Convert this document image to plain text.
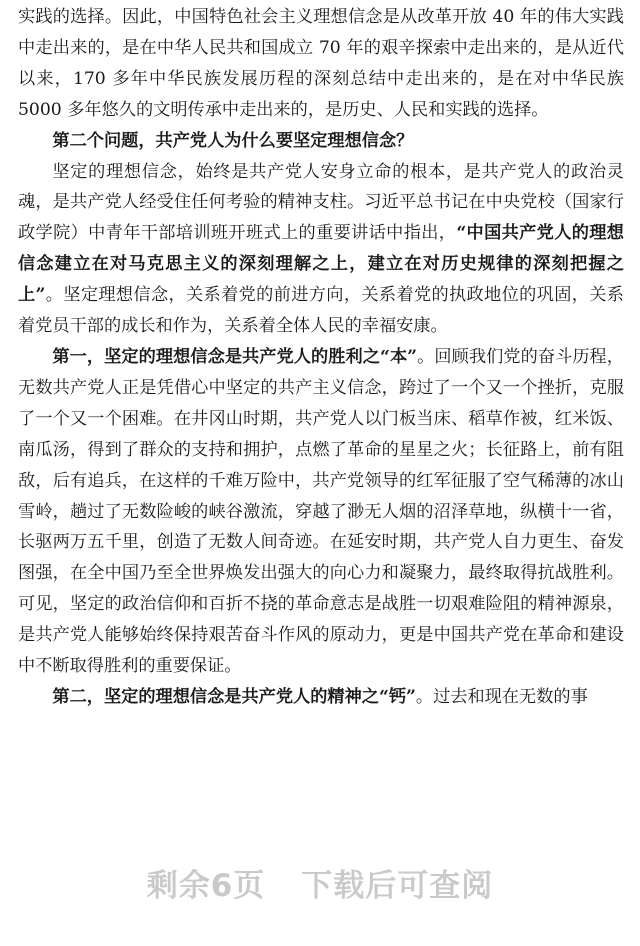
实践的选择。因此，中国特色社会主义理想信念是从改革开放 40 年的伟大实践中走出来的，是在中华人民共和国成立 70 年的艰辛探索中走出来的，是从近代以来，170 多年中华民族发展历程的深刻总结中走出来的，是在对中华民族 5000 多年悠久的文明传承中走出来的，是历史、人民和实践的选择。

第二个问题，共产党人为什么要坚定理想信念？

坚定的理想信念，始终是共产党人安身立命的根本，是共产党人的政治灵魂，是共产党人经受住任何考验的精神支柱。习近平总书记在中央党校（国家行政学院）中青年干部培训班开班式上的重要讲话中指出，“中国共产党人的理想信念建立在对马克思主义的深刻理解之上，建立在对历史规律的深刻把握之上”。坚定理想信念，关系着党的前进方向，关系着党的执政地位的巩固，关系着党员干部的成长和作为，关系着全体人民的幸福安康。

第一，坚定的理想信念是共产党人的胜利之“本”。回顾我们党的奋斗历程，无数共产党人正是凭借心中坚定的共产主义信念，跨过了一个又一个挫折，克服了一个又一个困难。在井冈山时期，共产党人以门板当床、稻草作被，红米饭、南瓜汤，得到了群众的支持和拥护，点燃了革命的星星之火；长征路上，前有阻敌，后有追兵，在这样的千难万险中，共产党领导的红军征服了空气稀薄的冰山雪岭，趟过了无数险峻的峡谷激流，穿越了渺无人烟的沼泽草地，纵横十一省，长驱两万五千里，创造了无数人间奇迹。在延安时期，共产党人自力更生、奋发图强，在全中国乃至全世界焕发出强大的向心力和凝聚力，最终取得抗战胜利。可见，坚定的政治信仰和百折不挠的革命意志是战胜一切艰难险阻的精神源泉，是共产党人能够始终保持艰苦奋斗作风的原动力，更是中国共产党在革命和建设中不断取得胜利的重要保证。

第二，坚定的理想信念是共产党人的精神之“钙”。过去和现在无数的事

剩余6页 下载后可查阅
